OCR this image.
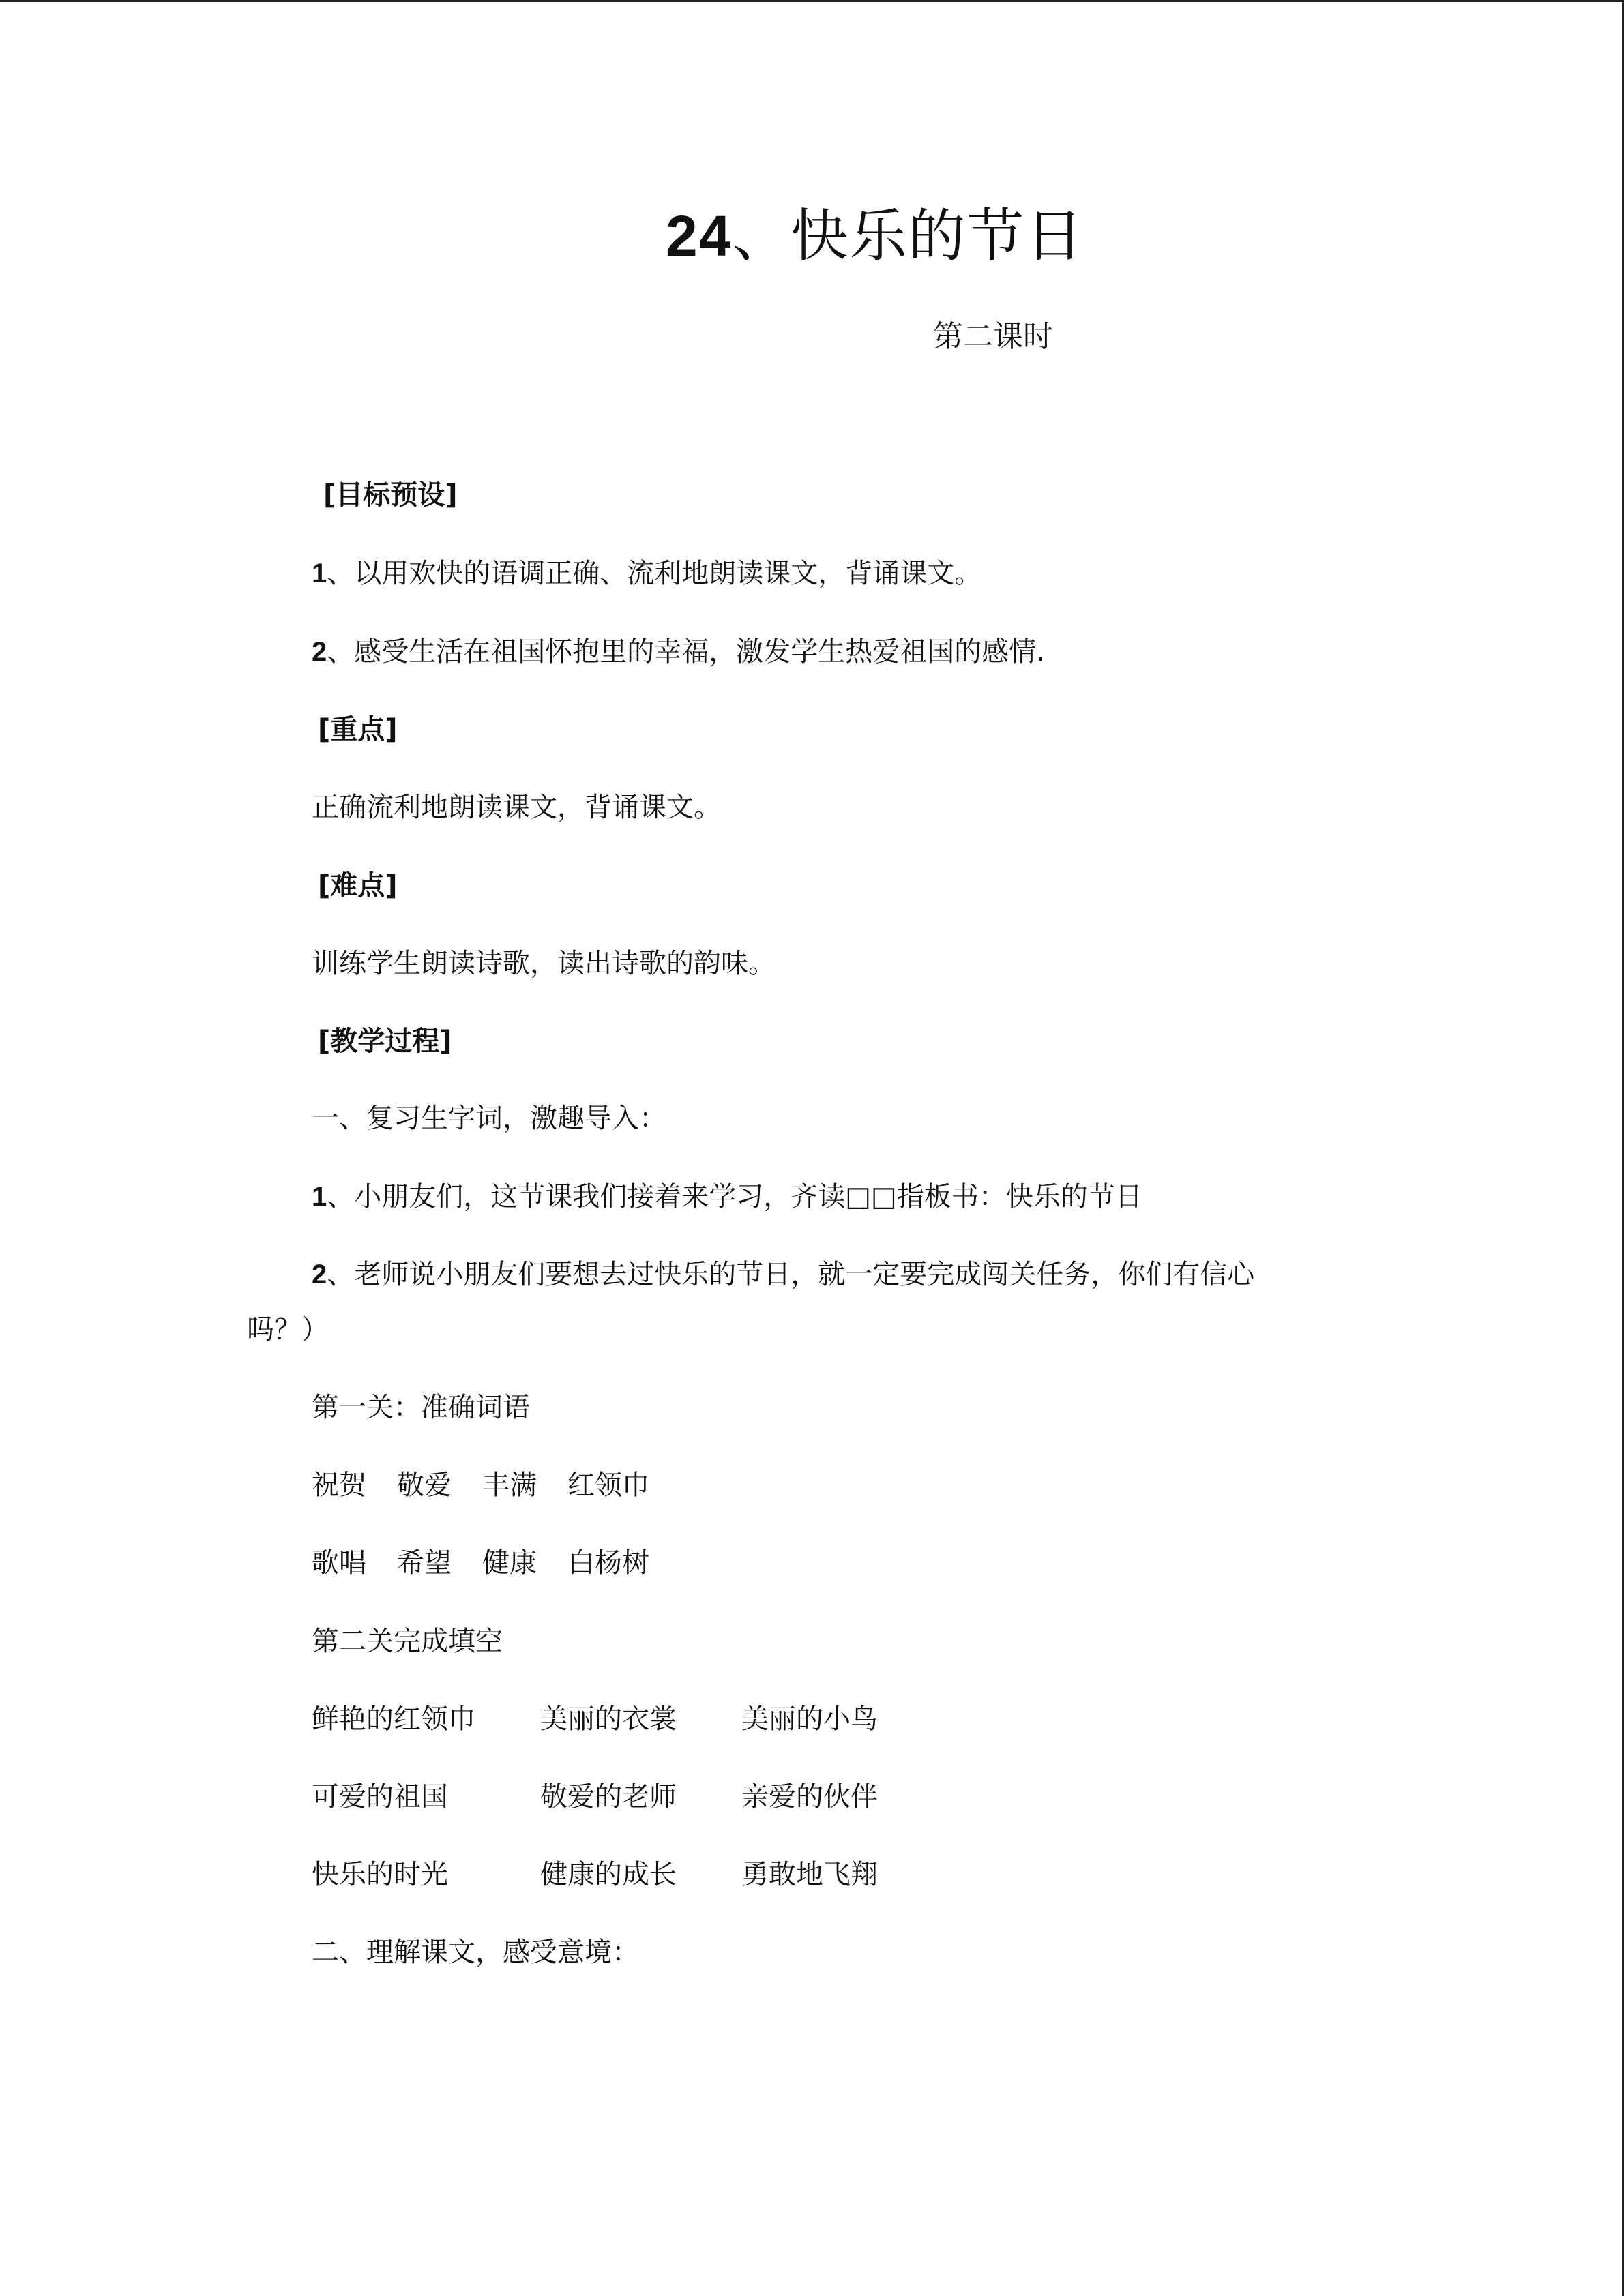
24、快乐的节日
第二课时
[目标预设]
1、以用欢快的语调正确、流利地朗读课文，背诵课文。
2、感受生活在祖国怀抱里的幸福，激发学生热爱祖国的感情.
[重点]
正确流利地朗读课文，背诵课文。
[难点]
训练学生朗读诗歌，读出诗歌的韵味。
[教学过程]
一、复习生字词，激趣导入：
1、小朋友们，这节课我们接着来学习，齐读□□指板书：快乐的节日
2、老师说小朋友们要想去过快乐的节日，就一定要完成闯关任务，你们有信心
吗？）
第一关：准确词语
祝贺 敬爱 丰满 红领巾
歌唱 希望 健康 白杨树
第二关完成填空
鲜艳的红领巾 美丽的衣裳 美丽的小鸟
可爱的祖国	敬爱的老师 亲爱的伙伴
快乐的时光	健康的成长 勇敢地飞翔
二、理解课文，感受意境：
